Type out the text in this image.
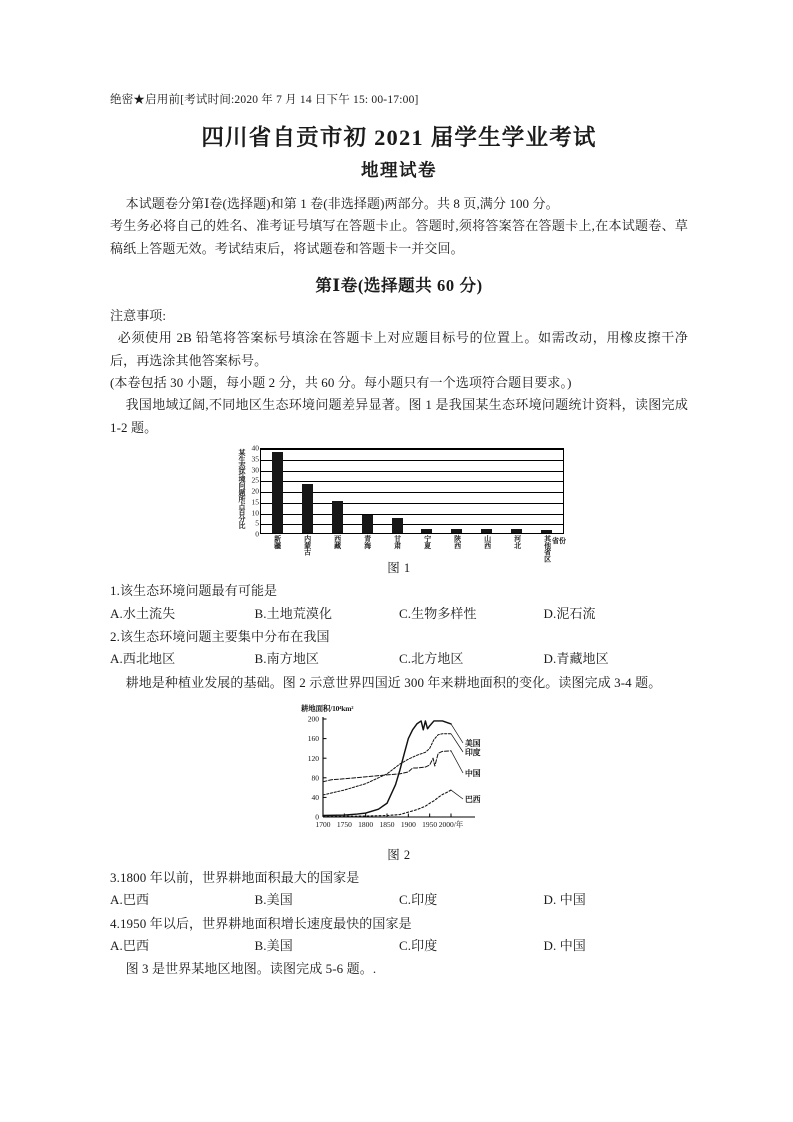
绝密★启用前[考试时间:2020 年 7 月 14 日下午 15: 00-17:00]
四川省自贡市初 2021 届学生学业考试
地理试卷

本试题卷分第Ⅰ卷(选择题)和第 1 卷(非选择题)两部分。共 8 页,满分 100 分。

考生务必将自己的姓名、准考证号填写在答题卡止。答题时,须将答案答在答题卡上,在本试题卷、草稿纸上答题无效。考试结束后，将试题卷和答题卡一并交回。

第Ⅰ卷(选择题共 60 分)

注意事项:

必须使用 2B 铅笔将答案标号填涂在答题卡上对应题目标号的位置上。如需改动，用橡皮擦干净后，再选涂其他答案标号。

(本卷包括 30 小题，每小题 2 分，共 60 分。每小题只有一个选项符合题目要求。)

我国地域辽阔,不同地区生态环境问题差异显著。图 1 是我国某生态环境问题统计资料，读图完成 1-2 题。

某生态环境问题所占百分比
0
5
10
15
20
25
30
35
40
新疆	内蒙古	西藏	青海	甘肃	宁夏	陕西	山西	河北	其他省区 省份
图 1

1.该生态环境问题最有可能是

A.水土流失	B.土地荒漠化	C.生物多样性	D.泥石流

2.该生态环境问题主要集中分布在我国

A.西北地区	B.南方地区	C.北方地区	D.青藏地区

耕地是种植业发展的基础。图 2 示意世界四国近 300 年来耕地面积的变化。读图完成 3-4 题。

耕地面积/10⁴km²
0
40
80
120
160
200
1700 1750 1800 1850 1900 1950 2000/年
美国
印度
中国
巴西
图 2

3.1800 年以前，世界耕地面积最大的国家是

A.巴西	B.美国	C.印度	D. 中国

4.1950 年以后，世界耕地面积增长速度最快的国家是

A.巴西	B.美国	C.印度	D. 中国

图 3 是世界某地区地图。读图完成 5-6 题。.
